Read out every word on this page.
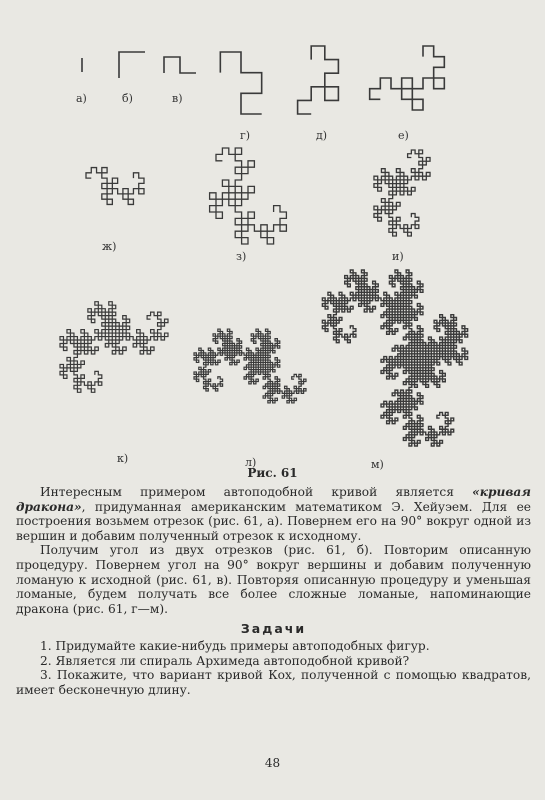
а)	б)	в)
г)	д)	е)
ж)
з)	и)
к)	л)	м)
Рис. 61

Интересным примером автоподобной кривой является «кривая дракона», придуманная американским математиком Э. Хейуэем. Для ее построения возьмем отрезок (рис. 61, а). Повернем его на 90° вокруг одной из вершин и добавим полученный отрезок к исходному.

Получим угол из двух отрезков (рис. 61, б). Повторим описанную процедуру. Повернем угол на 90° вокруг вершины и добавим полученную ломаную к исходной (рис. 61, в). Повторяя описанную процедуру и уменьшая ломаные, будем получать все более сложные ломаные, напоминающие дракона (рис. 61, г—м).

Задачи
1. Придумайте какие-нибудь примеры автоподобных фигур.
2. Является ли спираль Архимеда автоподобной кривой?
3. Покажите, что вариант кривой Кох, полученной с помощью квадратов, имеет бесконечную длину.
48
